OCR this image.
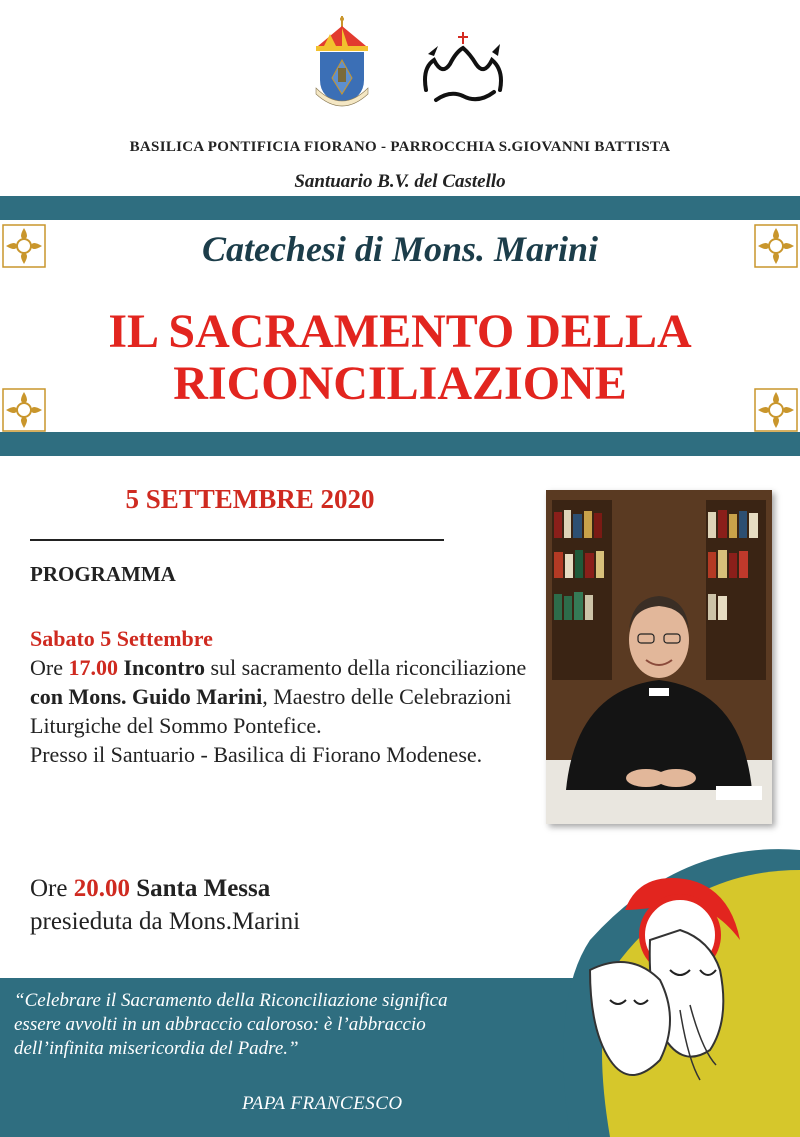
BASILICA PONTIFICIA FIORANO - PARROCCHIA S.GIOVANNI BATTISTA
Santuario B.V. del Castello
Catechesi di Mons. Marini
IL SACRAMENTO DELLA
RICONCILIAZIONE
5 SETTEMBRE 2020
PROGRAMMA
Sabato 5 Settembre
Ore 17.00 Incontro sul sacramento della riconciliazione con Mons. Guido Marini, Maestro delle Celebrazioni Liturgiche del Sommo Pontefice.
Presso il Santuario - Basilica di Fiorano Modenese.
Ore 20.00 Santa Messa
presieduta da Mons.Marini
“Celebrare il Sacramento della Riconciliazione significa essere avvolti in un abbraccio caloroso: è l’abbraccio dell’infinita misericordia del Padre.”
PAPA FRANCESCO
